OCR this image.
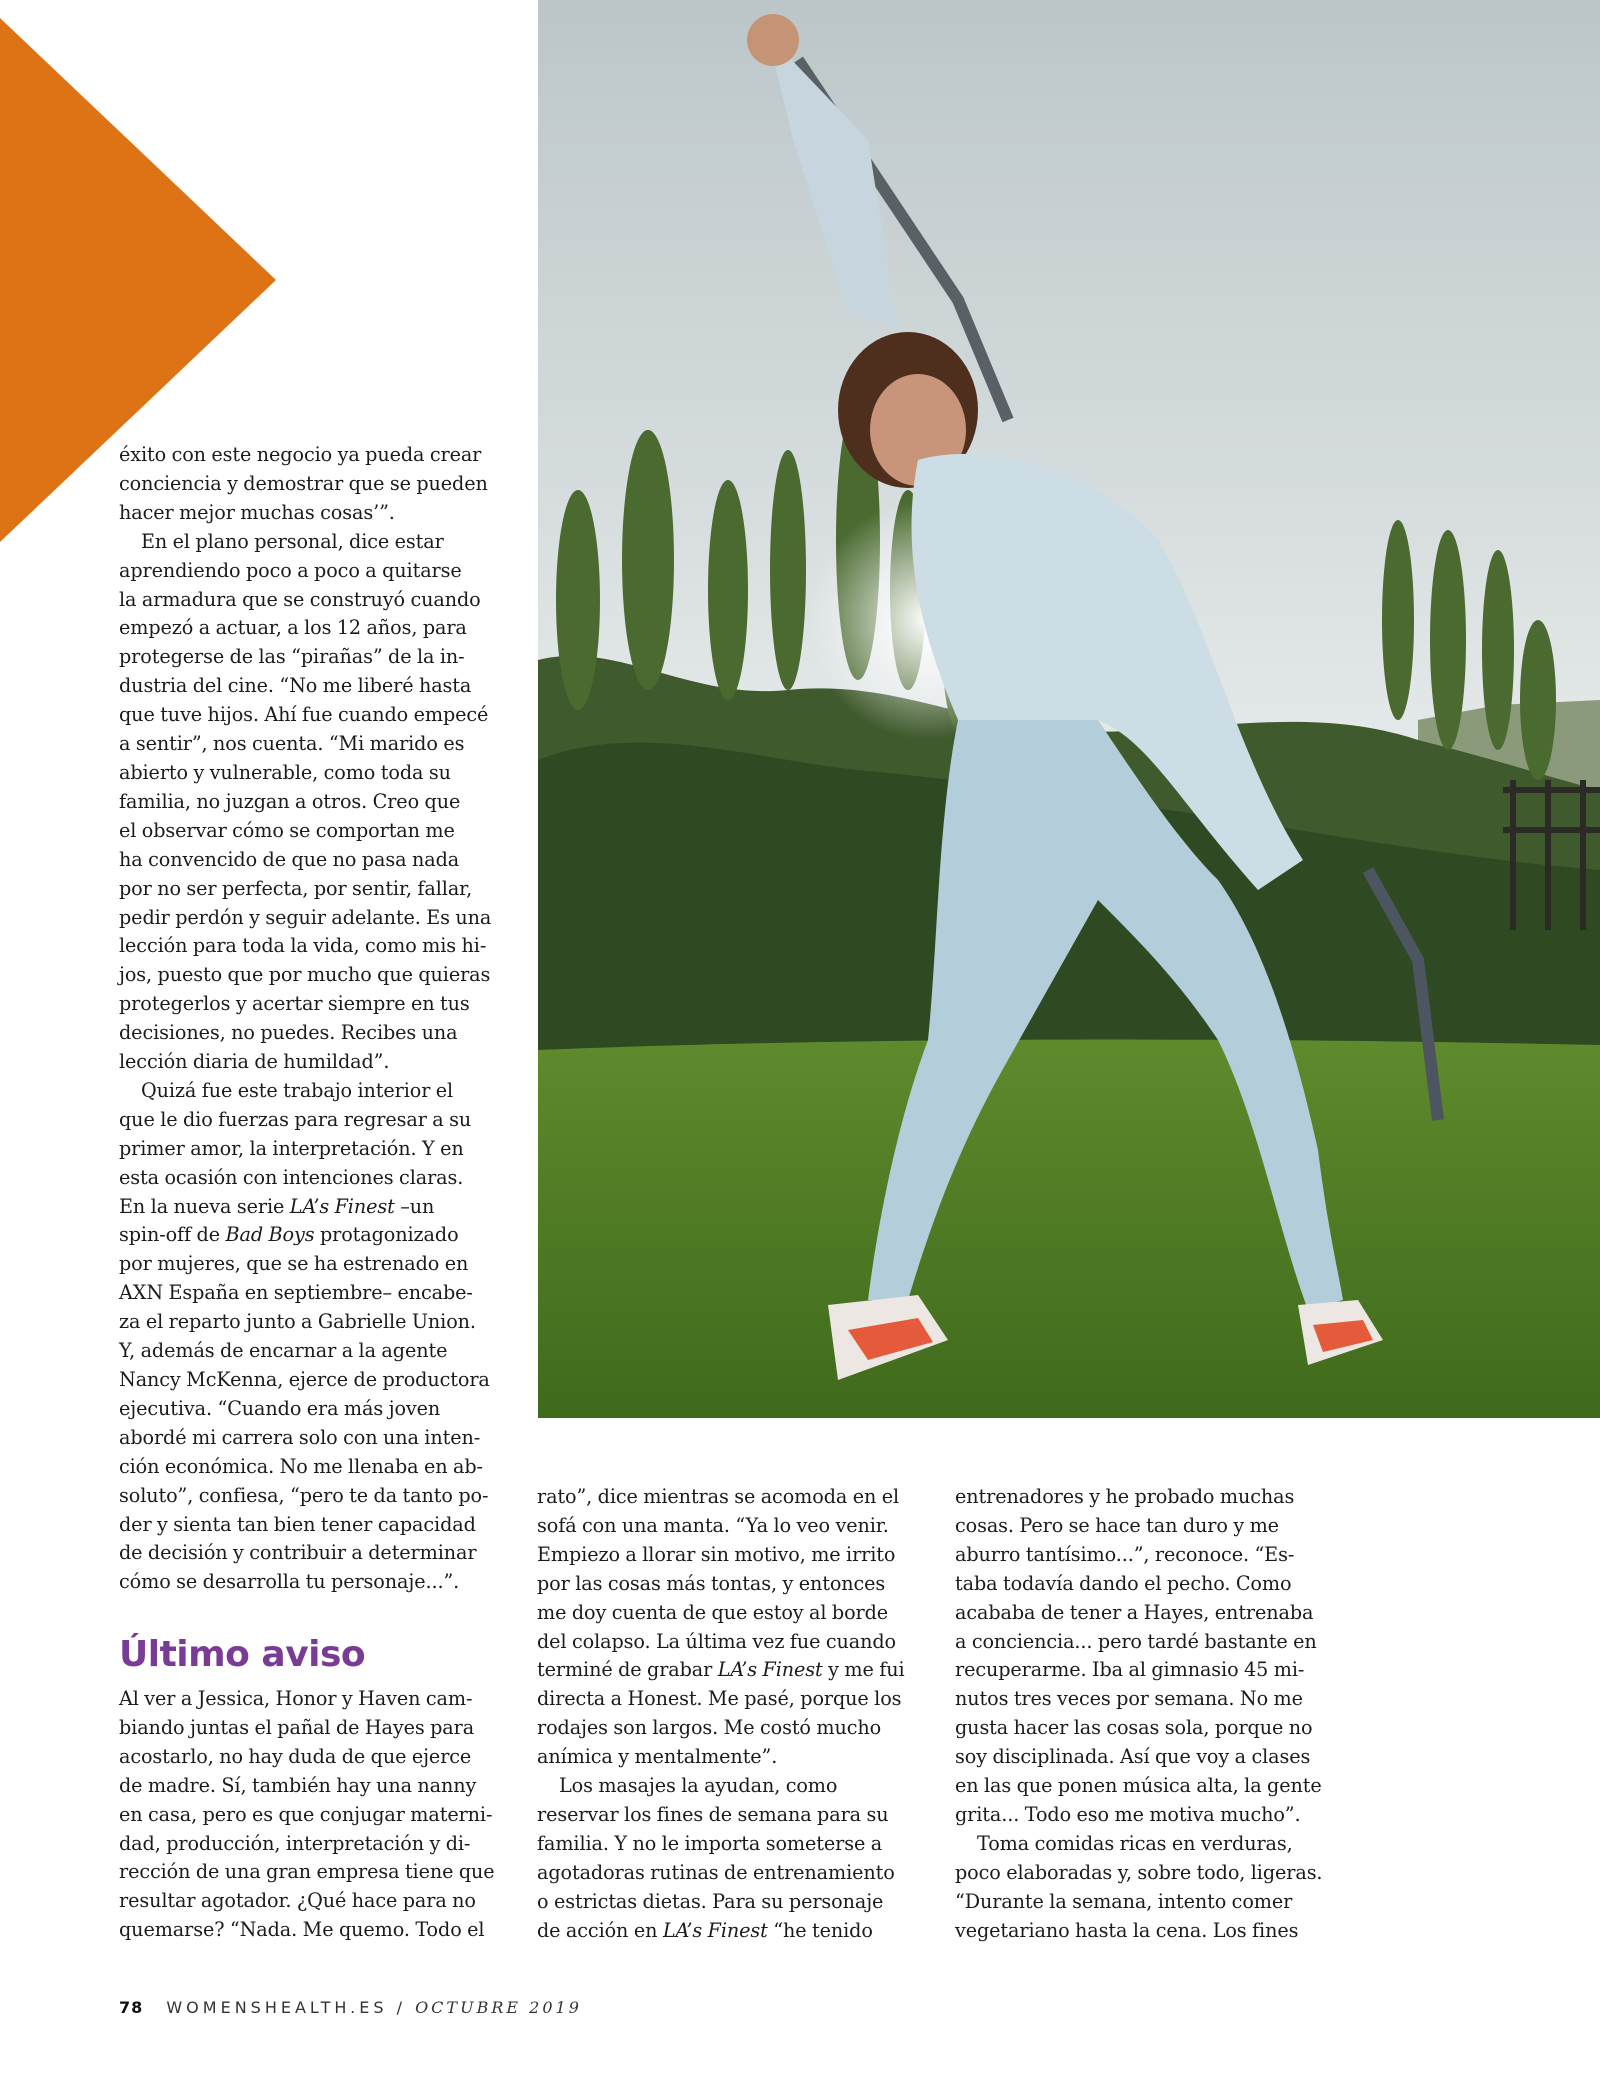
éxito con este negocio ya pueda crear

conciencia y demostrar que se pueden

hacer mejor muchas cosas’”.

En el plano personal, dice estar

aprendiendo poco a poco a quitarse

la armadura que se construyó cuando

empezó a actuar, a los 12 años, para

protegerse de las “pirañas” de la in-

dustria del cine. “No me liberé hasta

que tuve hijos. Ahí fue cuando empecé

a sentir”, nos cuenta. “Mi marido es

abierto y vulnerable, como toda su

familia, no juzgan a otros. Creo que

el observar cómo se comportan me

ha convencido de que no pasa nada

por no ser perfecta, por sentir, fallar,

pedir perdón y seguir adelante. Es una

lección para toda la vida, como mis hi-

jos, puesto que por mucho que quieras

protegerlos y acertar siempre en tus

decisiones, no puedes. Recibes una

lección diaria de humildad”.

Quizá fue este trabajo interior el

que le dio fuerzas para regresar a su

primer amor, la interpretación. Y en

esta ocasión con intenciones claras.

En la nueva serie LA’s Finest –un

spin-off de Bad Boys protagonizado

por mujeres, que se ha estrenado en

AXN España en septiembre– encabe-

za el reparto junto a Gabrielle Union.

Y, además de encarnar a la agente

Nancy McKenna, ejerce de productora

ejecutiva. “Cuando era más joven

abordé mi carrera solo con una inten-

ción económica. No me llenaba en ab-

soluto”, confiesa, “pero te da tanto po-

der y sienta tan bien tener capacidad

de decisión y contribuir a determinar

cómo se desarrolla tu personaje...”.

Último aviso

Al ver a Jessica, Honor y Haven cam-

biando juntas el pañal de Hayes para

acostarlo, no hay duda de que ejerce

de madre. Sí, también hay una nanny

en casa, pero es que conjugar materni-

dad, producción, interpretación y di-

rección de una gran empresa tiene que

resultar agotador. ¿Qué hace para no

quemarse? “Nada. Me quemo. Todo el

rato”, dice mientras se acomoda en el

sofá con una manta. “Ya lo veo venir.

Empiezo a llorar sin motivo, me irrito

por las cosas más tontas, y entonces

me doy cuenta de que estoy al borde

del colapso. La última vez fue cuando

terminé de grabar LA’s Finest y me fui

directa a Honest. Me pasé, porque los

rodajes son largos. Me costó mucho

anímica y mentalmente”.

Los masajes la ayudan, como

reservar los fines de semana para su

familia. Y no le importa someterse a

agotadoras rutinas de entrenamiento

o estrictas dietas. Para su personaje

de acción en LA’s Finest “he tenido

entrenadores y he probado muchas

cosas. Pero se hace tan duro y me

aburro tantísimo...”, reconoce. “Es-

taba todavía dando el pecho. Como

acababa de tener a Hayes, entrenaba

a conciencia... pero tardé bastante en

recuperarme. Iba al gimnasio 45 mi-

nutos tres veces por semana. No me

gusta hacer las cosas sola, porque no

soy disciplinada. Así que voy a clases

en las que ponen música alta, la gente

grita... Todo eso me motiva mucho”.

Toma comidas ricas en verduras,

poco elaboradas y, sobre todo, ligeras.

“Durante la semana, intento comer

vegetariano hasta la cena. Los fines

78 WOMENSHEALTH.ES / OCTUBRE 2019
